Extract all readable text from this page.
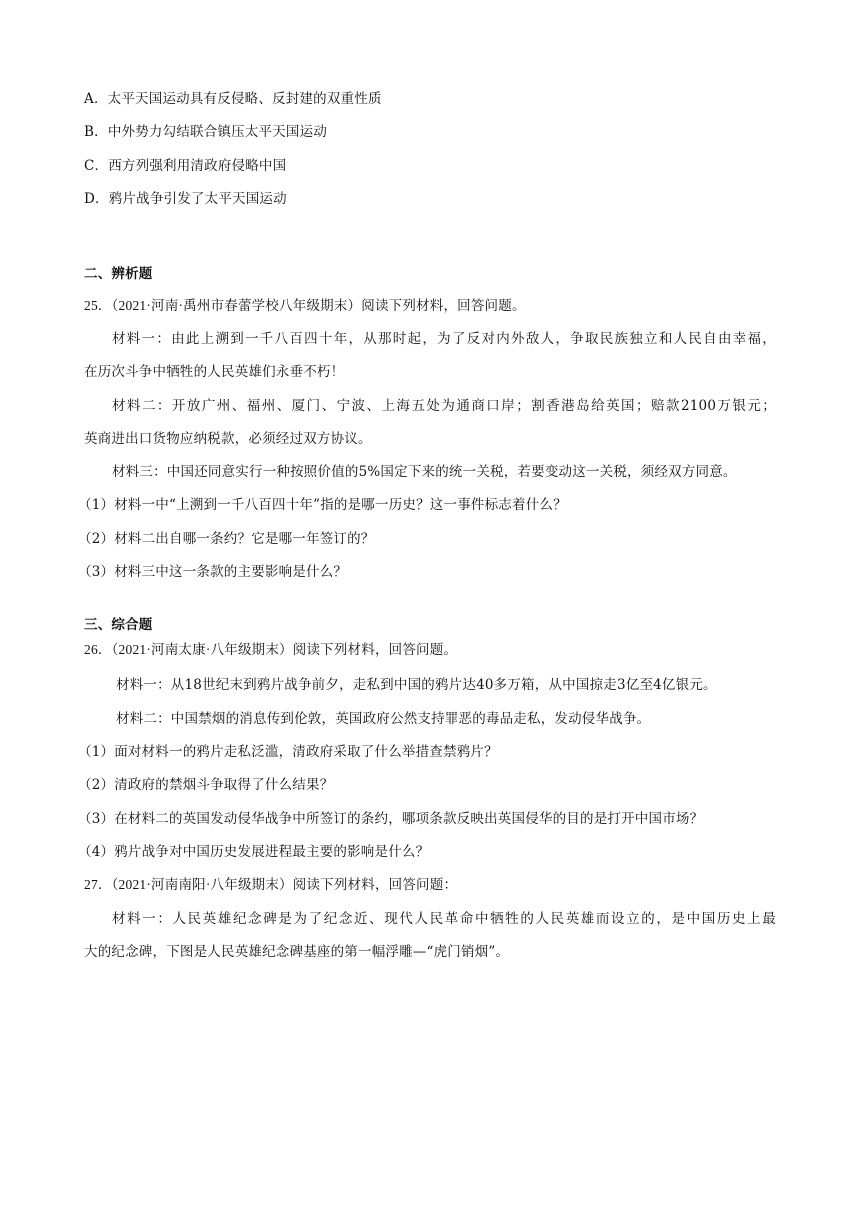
A．太平天国运动具有反侵略、反封建的双重性质
B．中外势力勾结联合镇压太平天国运动
C．西方列强利用清政府侵略中国
D．鸦片战争引发了太平天国运动
二、辨析题
25．（2021·河南·禹州市春蕾学校八年级期末）阅读下列材料，回答问题。
材料一：由此上溯到一千八百四十年，从那时起，为了反对内外敌人，争取民族独立和人民自由幸福，
在历次斗争中牺牲的人民英雄们永垂不朽！
材料二：开放广州、福州、厦门、宁波、上海五处为通商口岸；割香港岛给英国；赔款2100万银元；
英商进出口货物应纳税款，必须经过双方协议。
材料三：中国还同意实行一种按照价值的5%国定下来的统一关税，若要变动这一关税，须经双方同意。
（1）材料一中“上溯到一千八百四十年”指的是哪一历史？这一事件标志着什么？
（2）材料二出自哪一条约？它是哪一年签订的？
（3）材料三中这一条款的主要影响是什么？
三、综合题
26．（2021·河南太康·八年级期末）阅读下列材料，回答问题。
材料一：从18世纪末到鸦片战争前夕，走私到中国的鸦片达40多万箱，从中国掠走3亿至4亿银元。
材料二：中国禁烟的消息传到伦敦，英国政府公然支持罪恶的毒品走私，发动侵华战争。
（1）面对材料一的鸦片走私泛滥，清政府采取了什么举措查禁鸦片？
（2）清政府的禁烟斗争取得了什么结果？
（3）在材料二的英国发动侵华战争中所签订的条约，哪项条款反映出英国侵华的目的是打开中国市场？
（4）鸦片战争对中国历史发展进程最主要的影响是什么？
27．（2021·河南南阳·八年级期末）阅读下列材料，回答问题：
材料一：人民英雄纪念碑是为了纪念近、现代人民革命中牺牲的人民英雄而设立的，是中国历史上最
大的纪念碑，下图是人民英雄纪念碑基座的第一幅浮雕—“虎门销烟”。
